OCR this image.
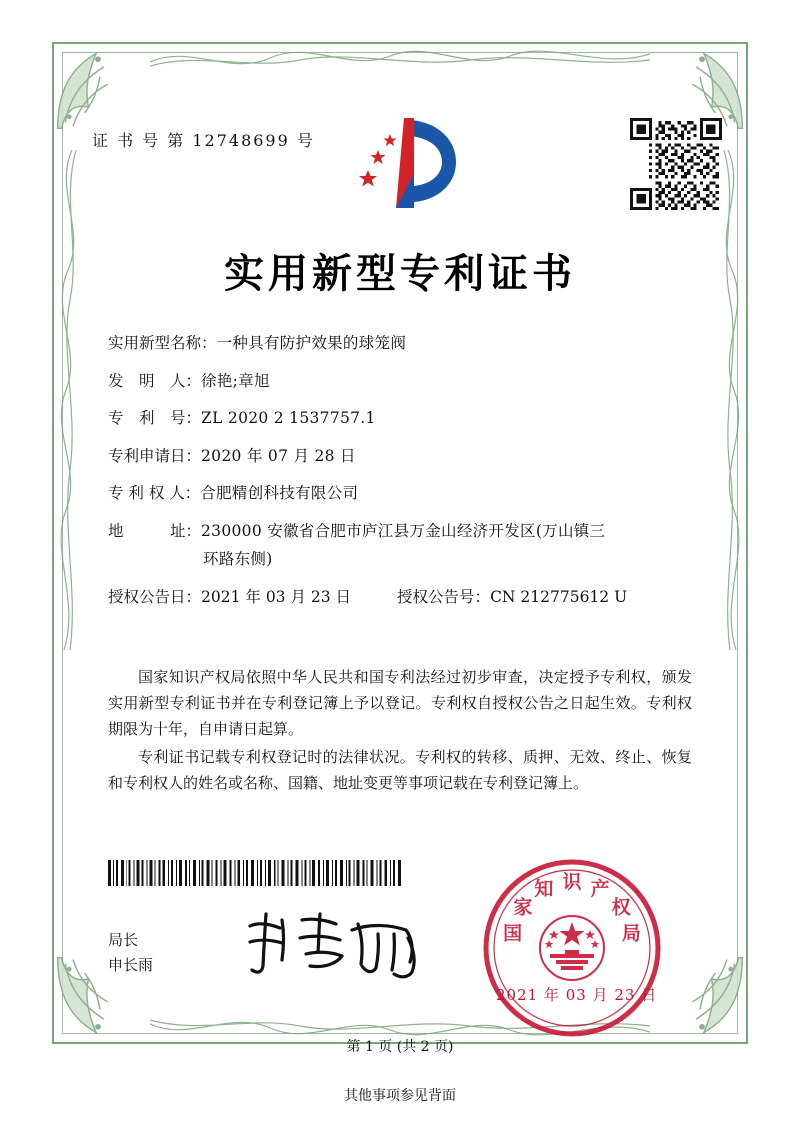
证 书 号 第 12748699 号
实用新型专利证书
实用新型名称： 一种具有防护效果的球笼阀
发　明　人： 徐艳;章旭
专　利　号： ZL 2020 2 1537757.1
专利申请日： 2020 年 07 月 28 日
专 利 权 人： 合肥精创科技有限公司
地　　　址： 230000 安徽省合肥市庐江县万金山经济开发区(万山镇三
环路东侧)
授权公告日： 2021 年 03 月 23 日	授权公告号： CN 212775612 U

国家知识产权局依照中华人民共和国专利法经过初步审查，决定授予专利权，颁发实用新型专利证书并在专利登记簿上予以登记。专利权自授权公告之日起生效。专利权期限为十年，自申请日起算。

专利证书记载专利权登记时的法律状况。专利权的转移、质押、无效、终止、恢复和专利权人的姓名或名称、国籍、地址变更等事项记载在专利登记簿上。

局长
申长雨
国
家
知 识 产
权
局
2021 年 03 月 23 日
第 1 页 (共 2 页)
其他事项参见背面
